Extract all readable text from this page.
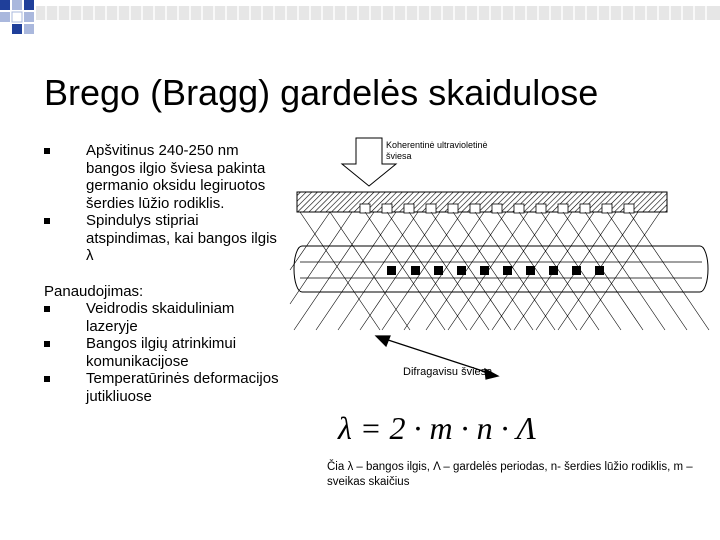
Brego (Bragg) gardelės skaidulose

Apšvitinus 240-250 nm bangos ilgio šviesa pakinta germanio oksidu legiruotos šerdies lūžio rodiklis.

Spindulys stipriai atspindimas, kai bangos ilgis λ

Panaudojimas:

Veidrodis skaiduliniam lazeryje

Bangos ilgių atrinkimui komunikacijose

Temperatūrinės deformacijos jutikliuose

Koherentinė ultravioletinė šviesa
Difragavisu šviesa
λ = 2 · m · n · Λ
Čia λ – bangos ilgis, Λ – gardelės periodas, n- šerdies lūžio rodiklis, m – sveikas skaičius
